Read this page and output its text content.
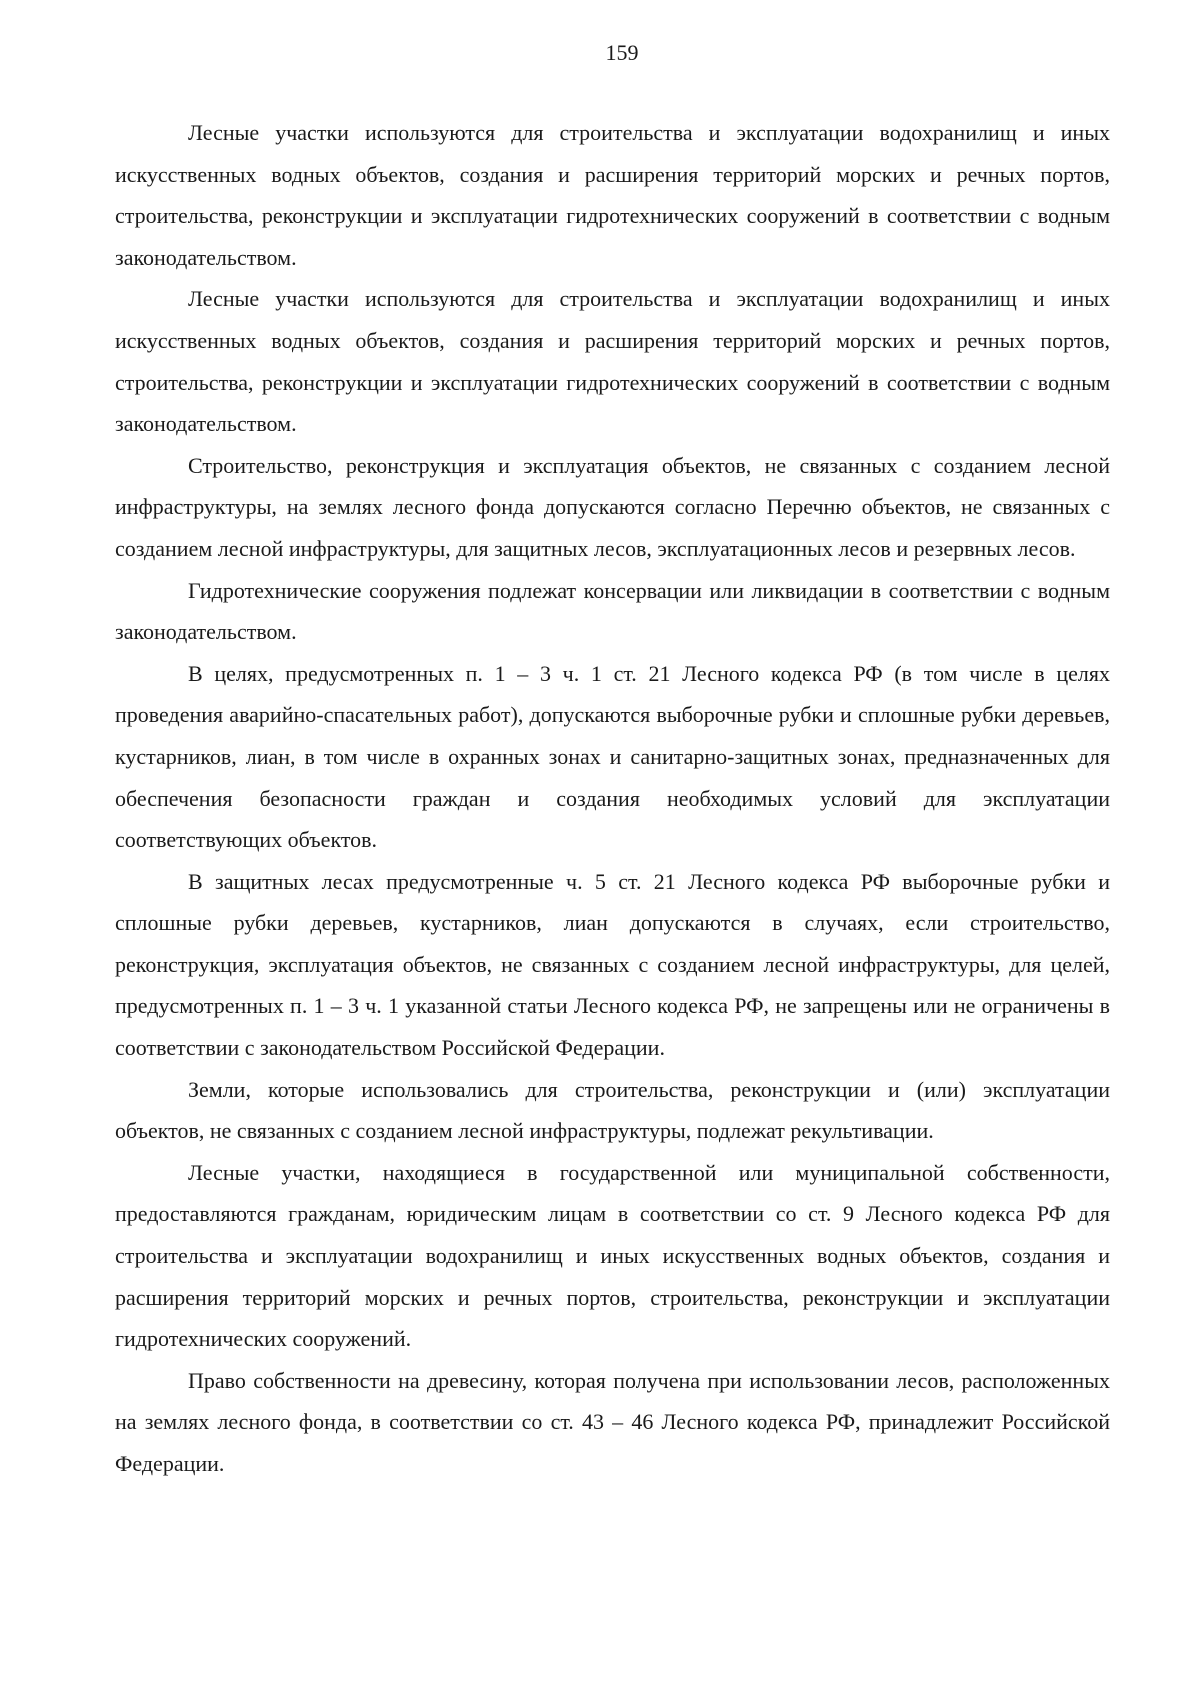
159

Лесные участки используются для строительства и эксплуатации водохранилищ и иных искусственных водных объектов, создания и расширения территорий морских и речных портов, строительства, реконструкции и эксплуатации гидротехнических сооружений в соответствии с водным законодательством.

Лесные участки используются для строительства и эксплуатации водохранилищ и иных искусственных водных объектов, создания и расширения территорий морских и речных портов, строительства, реконструкции и эксплуатации гидротехнических сооружений в соответствии с водным законодательством.

Строительство, реконструкция и эксплуатация объектов, не связанных с созданием лесной инфраструктуры, на землях лесного фонда допускаются согласно Перечню объектов, не связанных с созданием лесной инфраструктуры, для защитных лесов, эксплуатационных лесов и резервных лесов.

Гидротехнические сооружения подлежат консервации или ликвидации в соответствии с водным законодательством.

В целях, предусмотренных п. 1 – 3 ч. 1 ст. 21 Лесного кодекса РФ (в том числе в целях проведения аварийно-спасательных работ), допускаются выборочные рубки и сплошные рубки деревьев, кустарников, лиан, в том числе в охранных зонах и санитарно-защитных зонах, предназначенных для обеспечения безопасности граждан и создания необходимых условий для эксплуатации соответствующих объектов.

В защитных лесах предусмотренные ч. 5 ст. 21 Лесного кодекса РФ выборочные рубки и сплошные рубки деревьев, кустарников, лиан допускаются в случаях, если строительство, реконструкция, эксплуатация объектов, не связанных с созданием лесной инфраструктуры, для целей, предусмотренных п. 1 – 3 ч. 1 указанной статьи Лесного кодекса РФ, не запрещены или не ограничены в соответствии с законодательством Российской Федерации.

Земли, которые использовались для строительства, реконструкции и (или) эксплуатации объектов, не связанных с созданием лесной инфраструктуры, подлежат рекультивации.

Лесные участки, находящиеся в государственной или муниципальной собственности, предоставляются гражданам, юридическим лицам в соответствии со ст. 9 Лесного кодекса РФ для строительства и эксплуатации водохранилищ и иных искусственных водных объектов, создания и расширения территорий морских и речных портов, строительства, реконструкции и эксплуатации гидротехнических сооружений.

Право собственности на древесину, которая получена при использовании лесов, расположенных на землях лесного фонда, в соответствии со ст. 43 – 46 Лесного кодекса РФ, принадлежит Российской Федерации.
